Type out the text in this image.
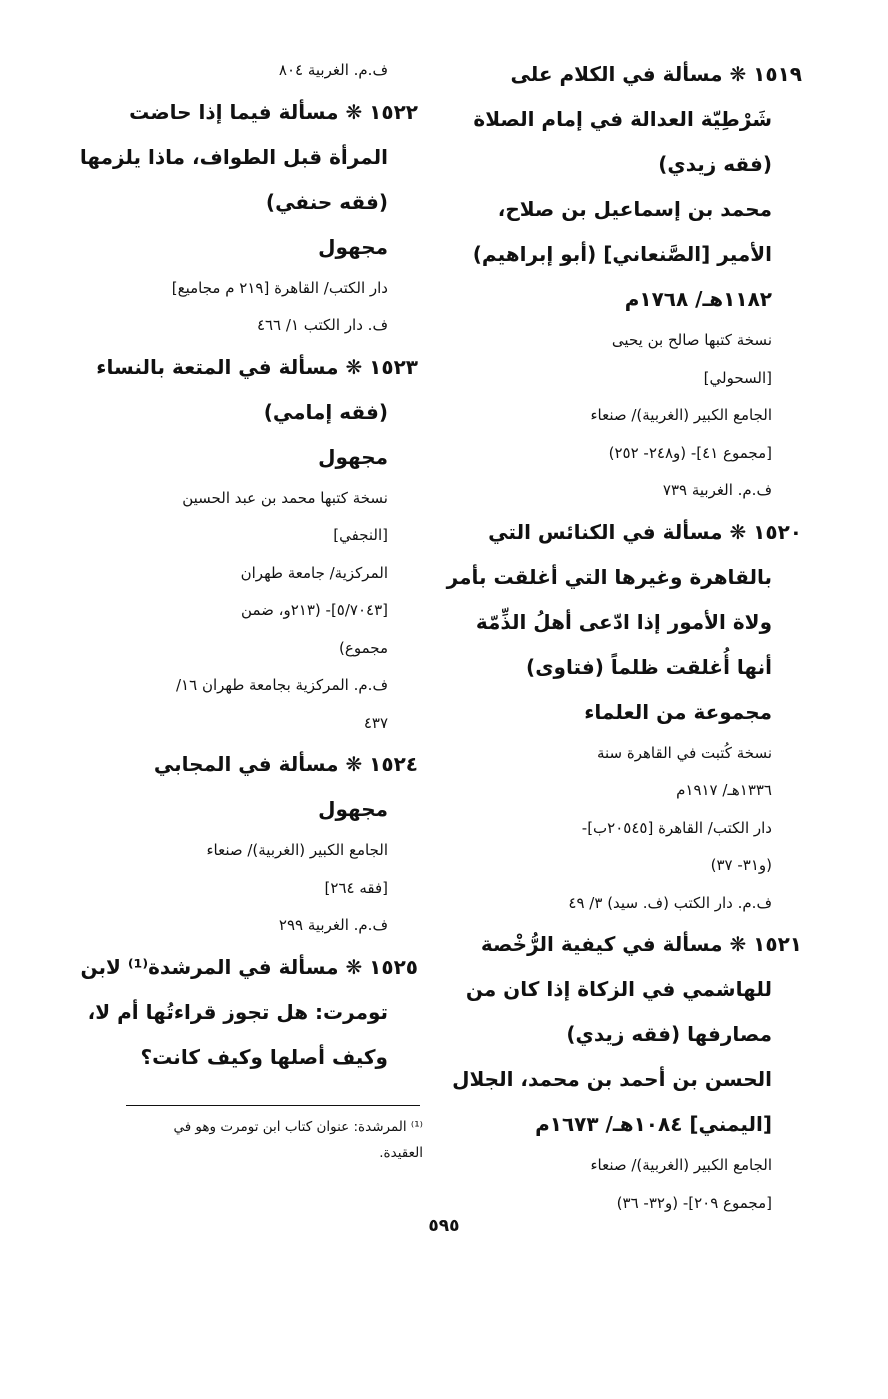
١٥١٩ ❋ مسألة في الكلام على

شَرْطِيّة العدالة في إمام الصلاة

(فقه زيدي)

محمد بن إسماعيل بن صلاح،

الأمير [الصَّنعاني] (أبو إبراهيم)

١١٨٢هـ/ ١٧٦٨م

نسخة كتبها صالح بن يحيى

[السحولي]

الجامع الكبير (الغربية)/ صنعاء

[مجموع ٤١]- (و٢٤٨- ٢٥٢)

ف.م. الغربية ٧٣٩

١٥٢٠ ❋ مسألة في الكنائس التي

بالقاهرة وغيرها التي أغلقت بأمر

ولاة الأمور إذا ادّعى أهلُ الذِّمّة

أنها أُغلقت ظلماً (فتاوى)

مجموعة من العلماء

نسخة كُتبت في القاهرة سنة

١٣٣٦هـ/ ١٩١٧م

دار الكتب/ القاهرة [٢٠٥٤٥ب]-

(و٣١- ٣٧)

ف.م. دار الكتب (ف. سيد) ٣/ ٤٩

١٥٢١ ❋ مسألة في كيفية الرُّخْصة

للهاشمي في الزكاة إذا كان من

مصارفها (فقه زيدي)

الحسن بن أحمد بن محمد، الجلال

[اليمني] ١٠٨٤هـ/ ١٦٧٣م

الجامع الكبير (الغربية)/ صنعاء

[مجموع ٢٠٩]- (و٣٢- ٣٦)

ف.م. الغربية ٨٠٤

١٥٢٢ ❋ مسألة فيما إذا حاضت

المرأة قبل الطواف، ماذا يلزمها

(فقه حنفي)

مجهول

دار الكتب/ القاهرة [٢١٩ م مجاميع]

ف. دار الكتب ١/ ٤٦٦

١٥٢٣ ❋ مسألة في المتعة بالنساء

(فقه إمامي)

مجهول

نسخة كتبها محمد بن عبد الحسين

[النجفي]

المركزية/ جامعة طهران

[٥/٧٠٤٣]- (٢١٣و، ضمن

مجموع)

ف.م. المركزية بجامعة طهران ١٦/

٤٣٧

١٥٢٤ ❋ مسألة في المجابي

مجهول

الجامع الكبير (الغربية)/ صنعاء

[فقه ٢٦٤]

ف.م. الغربية ٢٩٩

١٥٢٥ ❋ مسألة في المرشدة⁽¹⁾ لابن

تومرت: هل تجوز قراءتُها أم لا،

وكيف أصلها وكيف كانت؟

⁽¹⁾ المرشدة: عنوان كتاب ابن تومرت وهو في

العقيدة.

٥٩٥
